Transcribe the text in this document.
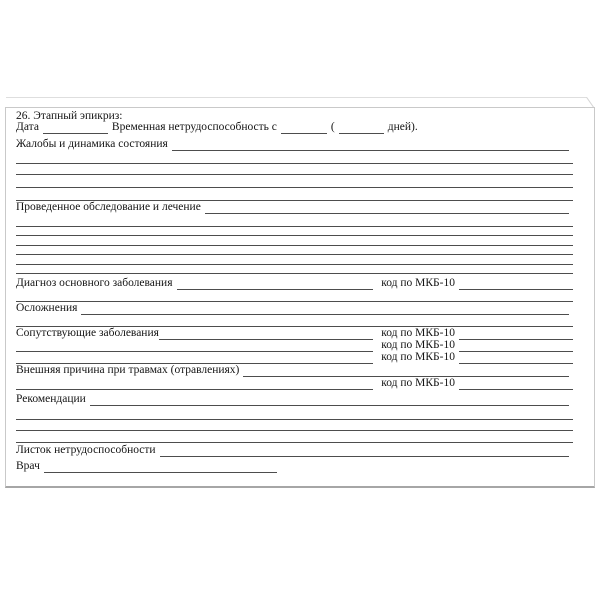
26. Этапный эпикриз:
Дата	Временная нетрудоспособность с	(	дней).
Жалобы и динамика состояния
Проведенное обследование и лечение
Диагноз основного заболевания	код по МКБ-10
Осложнения
Сопутствующие заболевания	код по МКБ-10
код по МКБ-10
код по МКБ-10
Внешняя причина при травмах (отравлениях)
код по МКБ-10
Рекомендации
Листок нетрудоспособности
Врач
